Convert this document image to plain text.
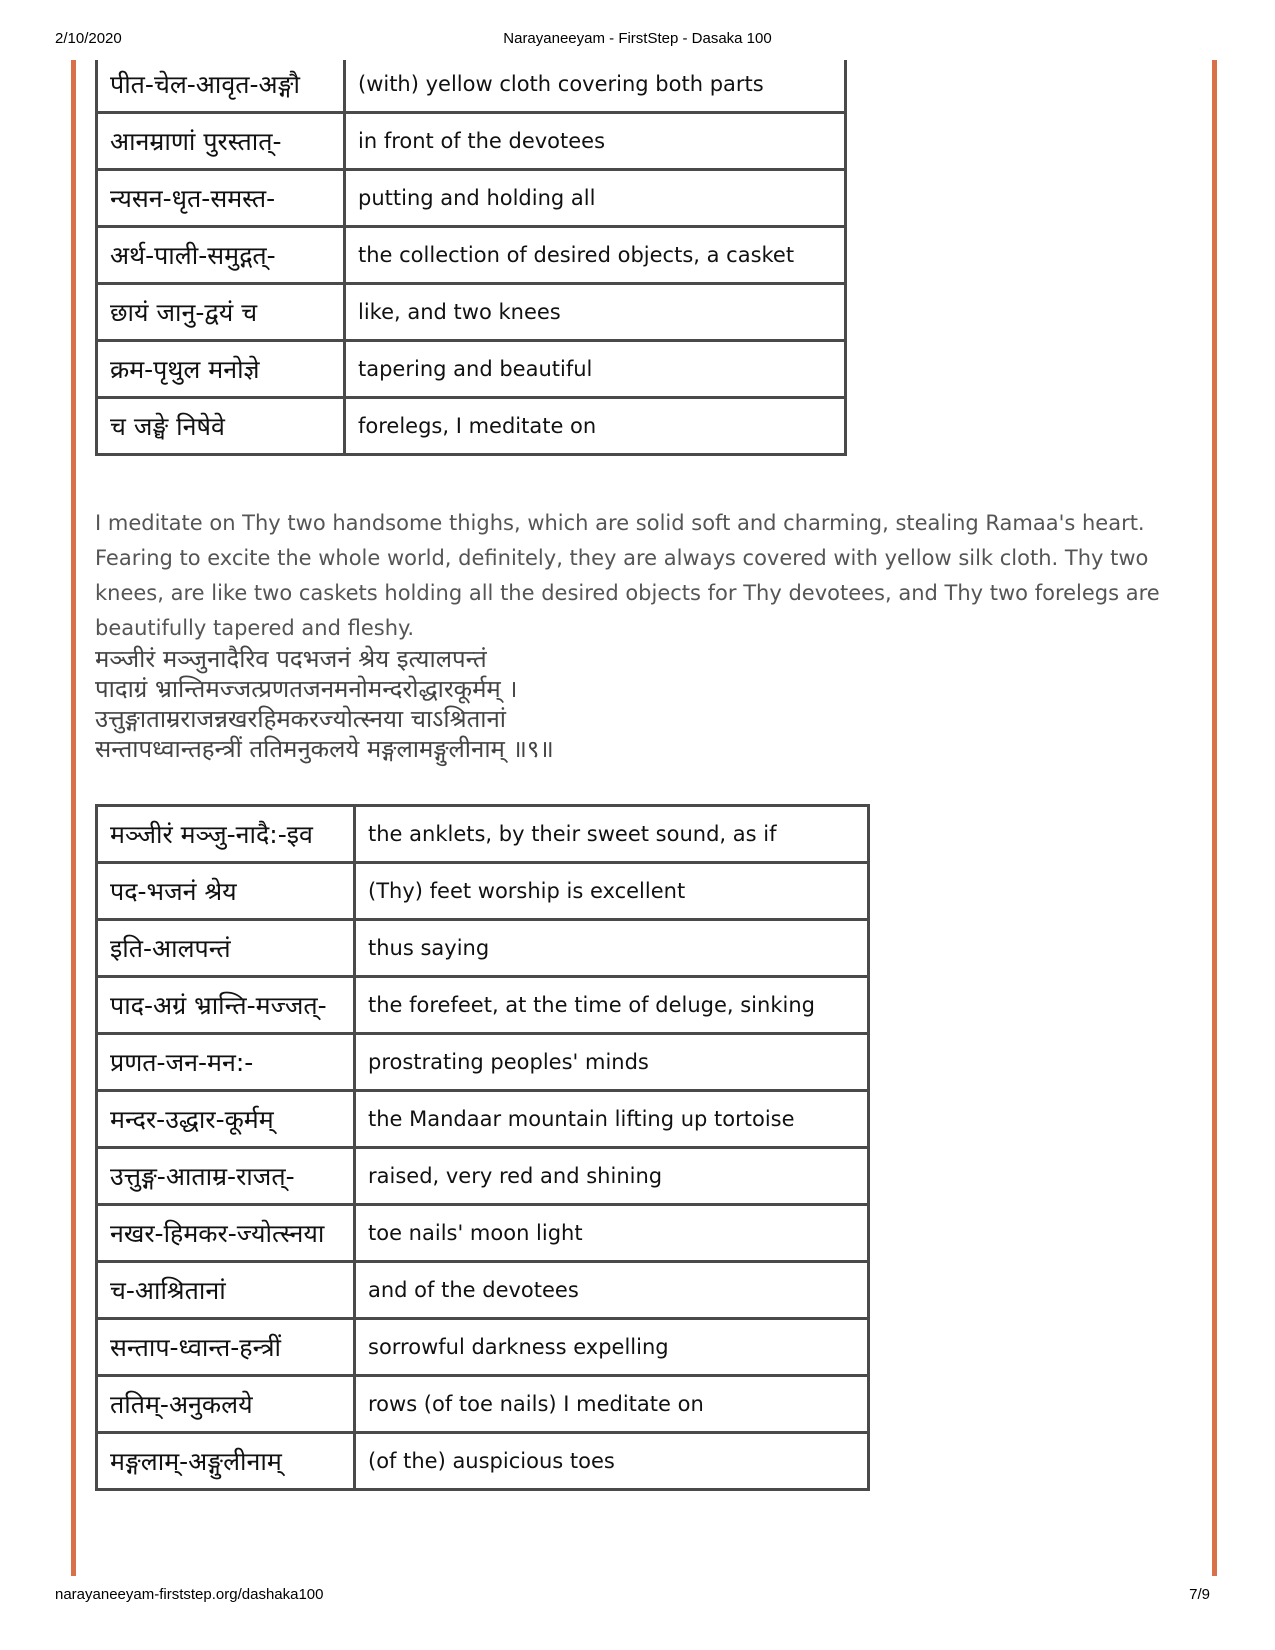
2/10/2020	Narayaneeyam - FirstStep - Dasaka 100
पीत-चेल-आवृत-अङ्गौ	(with) yellow cloth covering both parts
आनम्राणां पुरस्तात्-	in front of the devotees
न्यसन-धृत-समस्त-	putting and holding all
अर्थ-पाली-समुद्गत्-	the collection of desired objects, a casket
छायं जानु-द्वयं च	like, and two knees
क्रम-पृथुल मनोज्ञे	tapering and beautiful
च जङ्घे निषेवे	forelegs, I meditate on

I meditate on Thy two handsome thighs, which are solid soft and charming, stealing Ramaa's heart. Fearing to excite the whole world, definitely, they are always covered with yellow silk cloth. Thy two knees, are like two caskets holding all the desired objects for Thy devotees, and Thy two forelegs are beautifully tapered and fleshy.

मञ्जीरं मञ्जुनादैरिव पदभजनं श्रेय इत्यालपन्तं
पादाग्रं भ्रान्तिमज्जत्प्रणतजनमनोमन्दरोद्धारकूर्मम् ।
उत्तुङ्गाताम्रराजन्नखरहिमकरज्योत्स्नया चाऽश्रितानां
सन्तापध्वान्तहन्त्रीं ततिमनुकलये मङ्गलामङ्गुलीनाम् ॥९॥
मञ्जीरं मञ्जु-नादै:-इव	the anklets, by their sweet sound, as if
पद-भजनं श्रेय	(Thy) feet worship is excellent
इति-आलपन्तं	thus saying
पाद-अग्रं भ्रान्ति-मज्जत्-	the forefeet, at the time of deluge, sinking
प्रणत-जन-मन:-	prostrating peoples' minds
मन्दर-उद्धार-कूर्मम्	the Mandaar mountain lifting up tortoise
उत्तुङ्ग-आताम्र-राजत्-	raised, very red and shining
नखर-हिमकर-ज्योत्स्नया	toe nails' moon light
च-आश्रितानां	and of the devotees
सन्ताप-ध्वान्त-हन्त्रीं	sorrowful darkness expelling
ततिम्-अनुकलये	rows (of toe nails) I meditate on
मङ्गलाम्-अङ्गुलीनाम्	(of the) auspicious toes
narayaneeyam-firststep.org/dashaka100	7/9
